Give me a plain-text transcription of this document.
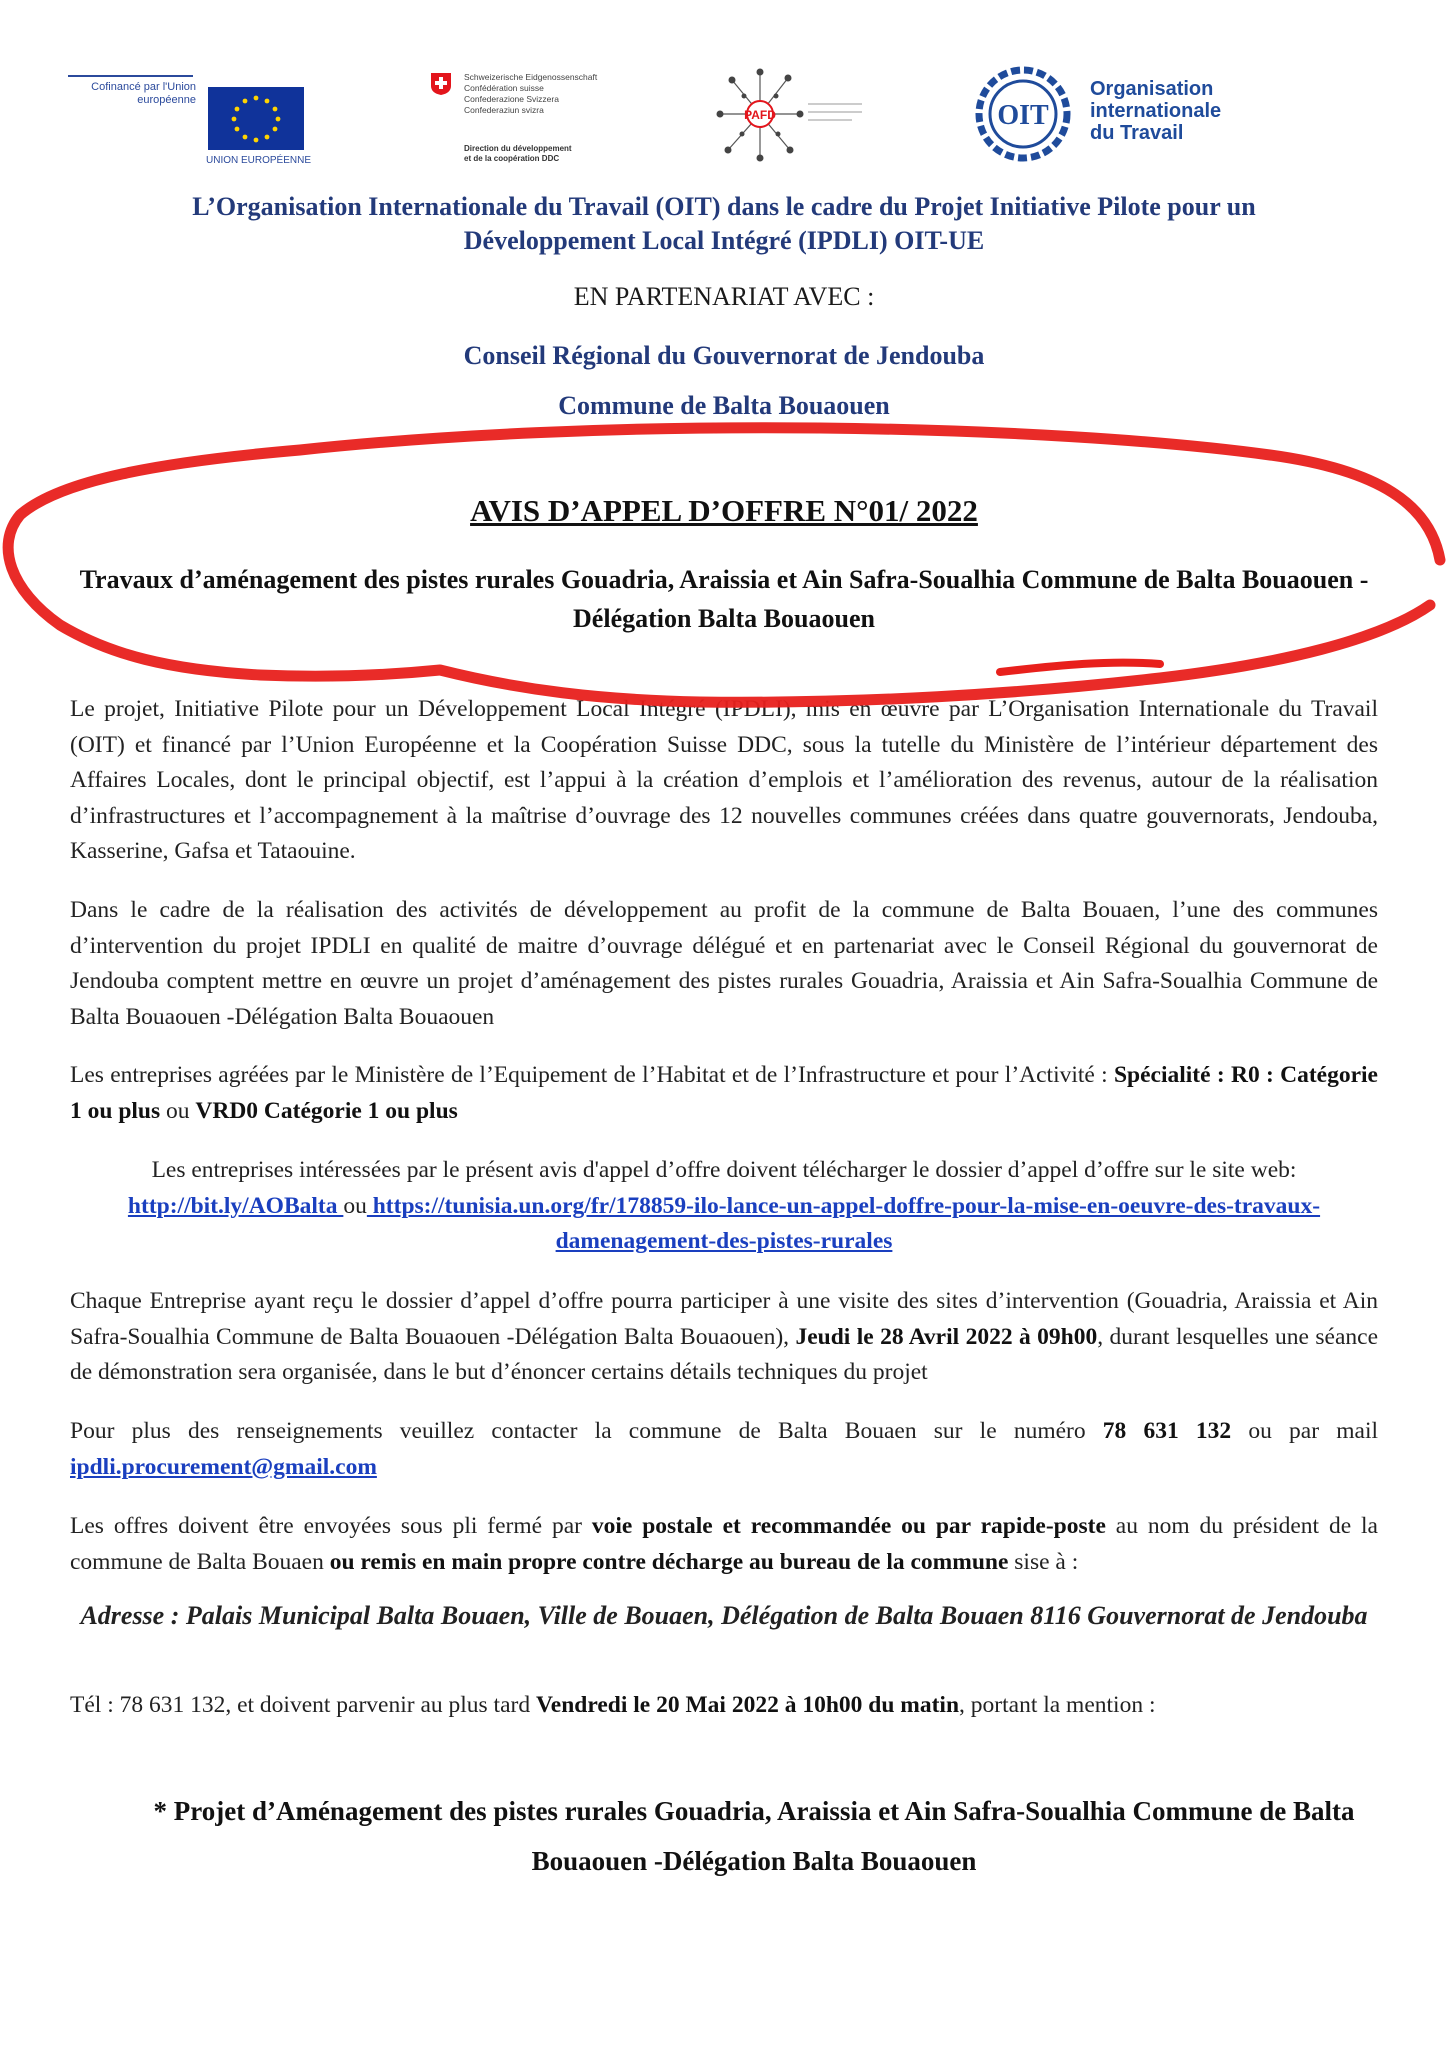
Cofinancé par l'Union européenne
UNION EUROPÉENNE
Schweizerische Eidgenossenschaft
Confédération suisse
Confederazione Svizzera
Confederaziun svizra
Direction du développement
et de la coopération DDC
PAFD	OIT
Organisation
internationale
du Travail
L’Organisation Internationale du Travail (OIT) dans le cadre du Projet Initiative Pilote pour un
Développement Local Intégré (IPDLI) OIT-UE
EN PARTENARIAT AVEC :
Conseil Régional du Gouvernorat de Jendouba
Commune de Balta Bouaouen
AVIS D’APPEL D’OFFRE N°01/ 2022
Travaux d’aménagement des pistes rurales Gouadria, Araissia et Ain Safra-Soualhia Commune de Balta Bouaouen -Délégation Balta Bouaouen
Le projet, Initiative Pilote pour un Développement Local Intégré (IPDLI), mis en œuvre par L’Organisation Internationale du Travail (OIT) et financé par l’Union Européenne et la Coopération Suisse DDC, sous la tutelle du Ministère de l’intérieur département des Affaires Locales, dont le principal objectif, est l’appui à la création d’emplois et l’amélioration des revenus, autour de la réalisation d’infrastructures et l’accompagnement à la maîtrise d’ouvrage des 12 nouvelles communes créées dans quatre gouvernorats, Jendouba, Kasserine, Gafsa et Tataouine.
Dans le cadre de la réalisation des activités de développement au profit de la commune de Balta Bouaen, l’une des communes d’intervention du projet IPDLI en qualité de maitre d’ouvrage délégué et en partenariat avec le Conseil Régional du gouvernorat de Jendouba comptent mettre en œuvre un projet d’aménagement des pistes rurales Gouadria, Araissia et Ain Safra-Soualhia Commune de Balta Bouaouen -Délégation Balta Bouaouen
Les entreprises agréées par le Ministère de l’Equipement de l’Habitat et de l’Infrastructure et pour l’Activité : Spécialité : R0 : Catégorie 1 ou plus ou VRD0 Catégorie 1 ou plus
Les entreprises intéressées par le présent avis d'appel d’offre doivent télécharger le dossier d’appel d’offre sur le site web: http://bit.ly/AOBalta ou https://tunisia.un.org/fr/178859-ilo-lance-un-appel-doffre-pour-la-mise-en-oeuvre-des-travaux-damenagement-des-pistes-rurales
Chaque Entreprise ayant reçu le dossier d’appel d’offre pourra participer à une visite des sites d’intervention (Gouadria, Araissia et Ain Safra-Soualhia Commune de Balta Bouaouen -Délégation Balta Bouaouen), Jeudi le 28 Avril 2022 à 09h00, durant lesquelles une séance de démonstration sera organisée, dans le but d’énoncer certains détails techniques du projet
Pour plus des renseignements veuillez contacter la commune de Balta Bouaen sur le numéro 78 631 132 ou par mail ipdli.procurement@gmail.com
Les offres doivent être envoyées sous pli fermé par voie postale et recommandée ou par rapide-poste au nom du président de la commune de Balta Bouaen ou remis en main propre contre décharge au bureau de la commune sise à :
Adresse : Palais Municipal Balta Bouaen, Ville de Bouaen, Délégation de Balta Bouaen 8116 Gouvernorat de Jendouba
Tél : 78 631 132, et doivent parvenir au plus tard Vendredi le 20 Mai 2022 à 10h00 du matin, portant la mention :
* Projet d’Aménagement des pistes rurales Gouadria, Araissia et Ain Safra-Soualhia Commune de Balta Bouaouen -Délégation Balta Bouaouen
